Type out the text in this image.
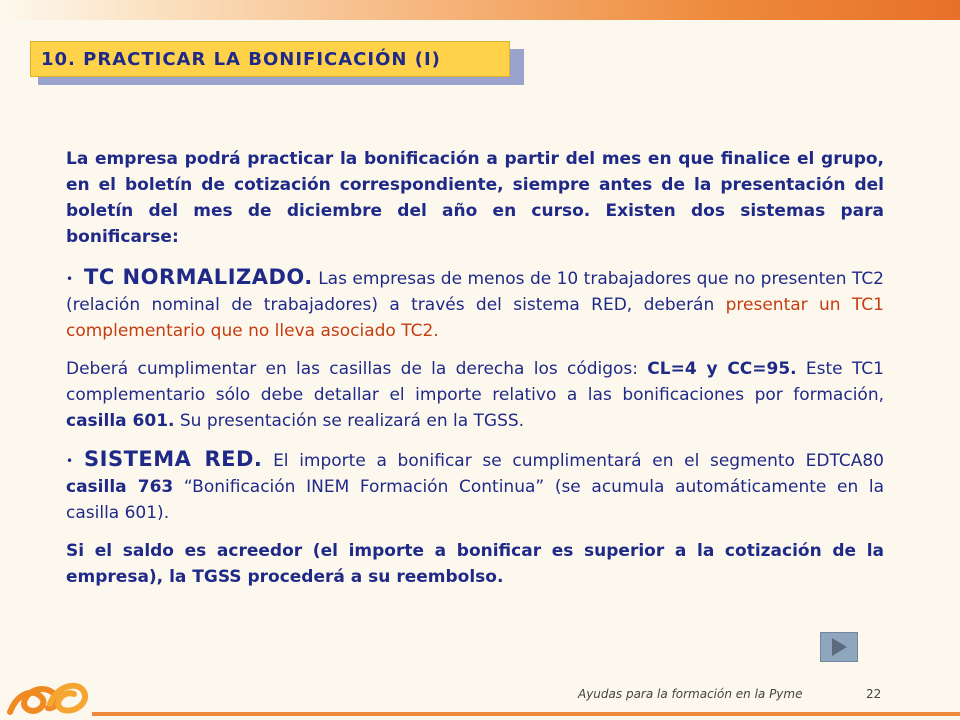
10. PRACTICAR LA BONIFICACIÓN (I)

La empresa podrá practicar la bonificación a partir del mes en que finalice el grupo, en el boletín de cotización correspondiente, siempre antes de la presentación del boletín del mes de diciembre del año en curso. Existen dos sistemas para bonificarse:

• TC NORMALIZADO. Las empresas de menos de 10 trabajadores que no presenten TC2 (relación nominal de trabajadores) a través del sistema RED, deberán presentar un TC1 complementario que no lleva asociado TC2.

Deberá cumplimentar en las casillas de la derecha los códigos: CL=4 y CC=95. Este TC1 complementario sólo debe detallar el importe relativo a las bonificaciones por formación, casilla 601. Su presentación se realizará en la TGSS.

• SISTEMA RED. El importe a bonificar se cumplimentará en el segmento EDTCA80 casilla 763 “Bonificación INEM Formación Continua” (se acumula automáticamente en la casilla 601).

Si el saldo es acreedor (el importe a bonificar es superior a la cotización de la empresa), la TGSS procederá a su reembolso.

Ayudas para la formación en la Pyme	22
